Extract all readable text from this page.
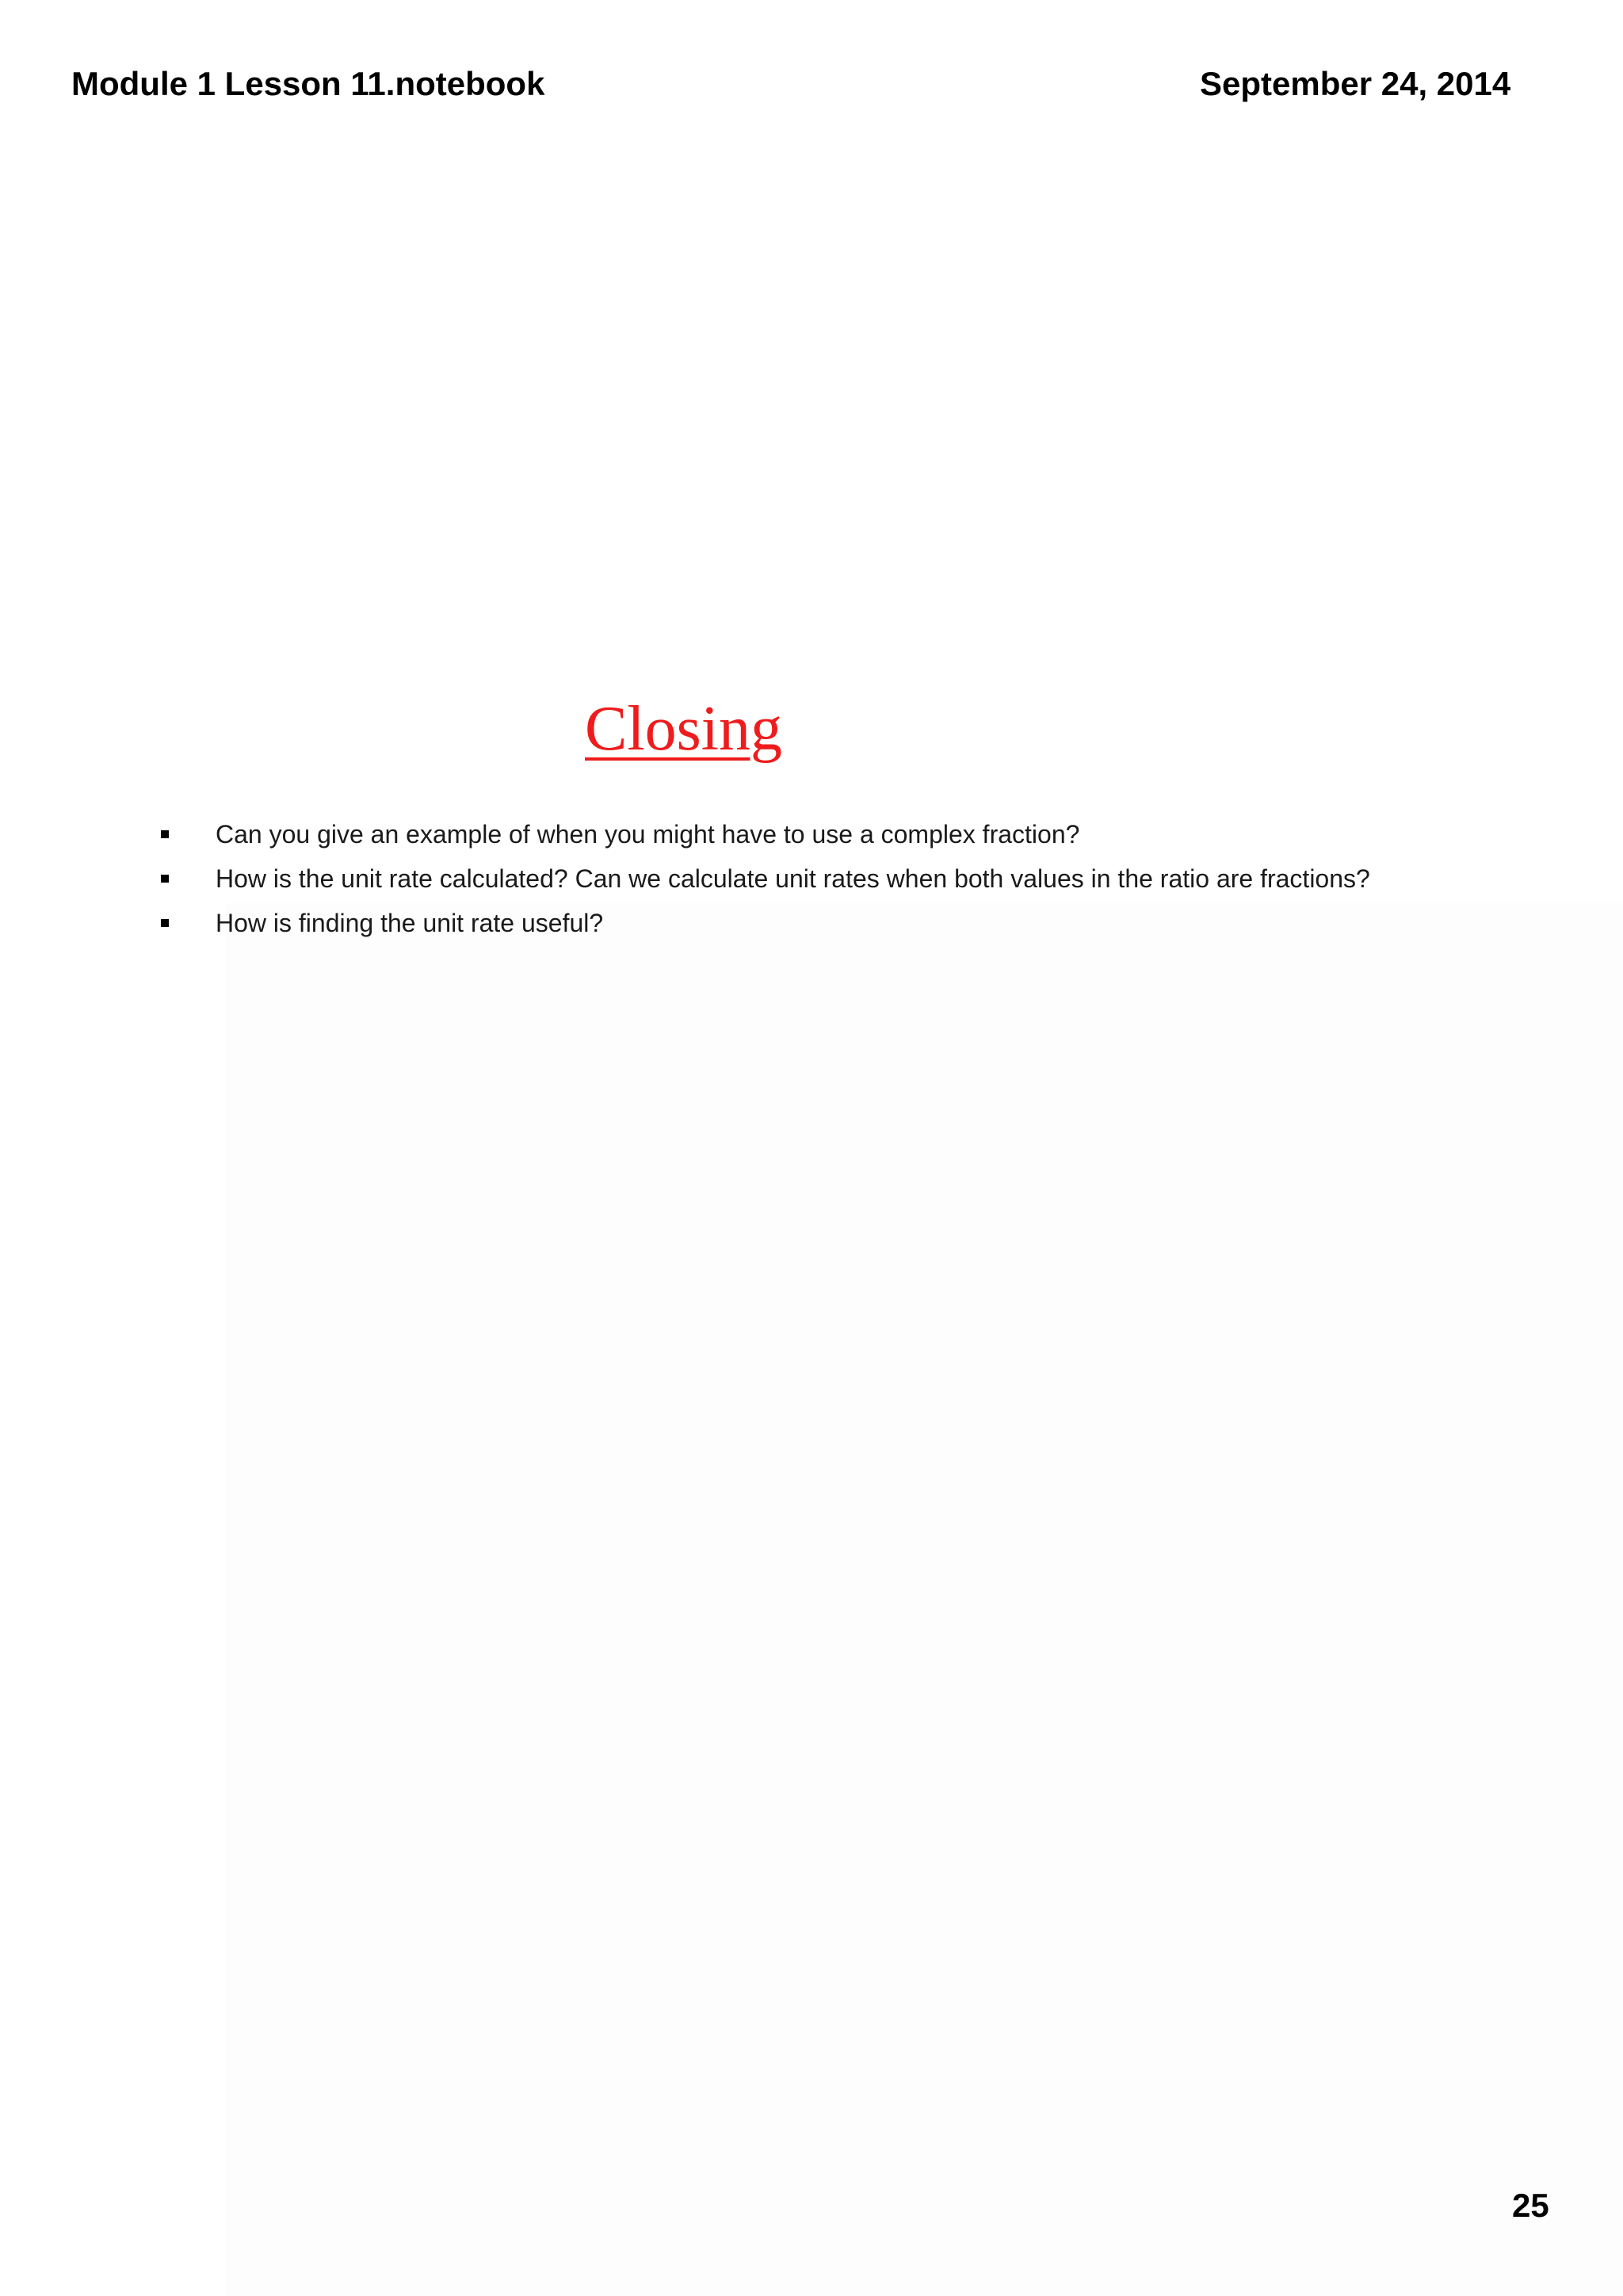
Module 1 Lesson 11.notebook	September 24, 2014
Closing
Can you give an example of when you might have to use a complex fraction?
How is the unit rate calculated? Can we calculate unit rates when both values in the ratio are fractions?
How is finding the unit rate useful?
25
